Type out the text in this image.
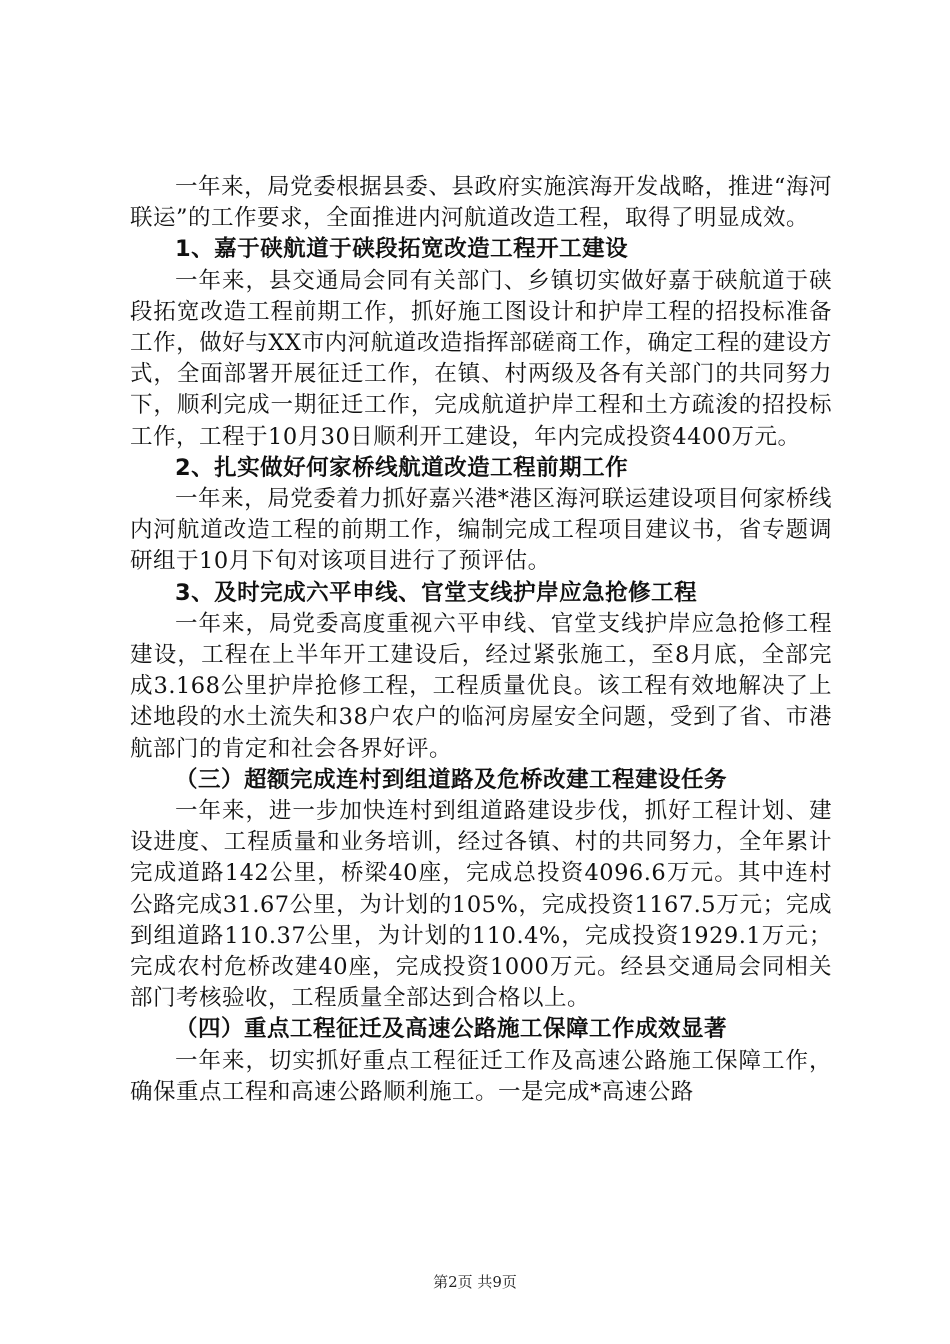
一年来，局党委根据县委、县政府实施滨海开发战略，推进“海河联运”的工作要求，全面推进内河航道改造工程，取得了明显成效。

1、嘉于硖航道于硖段拓宽改造工程开工建设

一年来，县交通局会同有关部门、乡镇切实做好嘉于硖航道于硖段拓宽改造工程前期工作，抓好施工图设计和护岸工程的招投标准备工作，做好与XX市内河航道改造指挥部磋商工作，确定工程的建设方式，全面部署开展征迁工作，在镇、村两级及各有关部门的共同努力下，顺利完成一期征迁工作，完成航道护岸工程和土方疏浚的招投标工作，工程于10月30日顺利开工建设，年内完成投资4400万元。

2、扎实做好何家桥线航道改造工程前期工作

一年来，局党委着力抓好嘉兴港*港区海河联运建设项目何家桥线内河航道改造工程的前期工作，编制完成工程项目建议书，省专题调研组于10月下旬对该项目进行了预评估。

3、及时完成六平申线、官堂支线护岸应急抢修工程

一年来，局党委高度重视六平申线、官堂支线护岸应急抢修工程建设，工程在上半年开工建设后，经过紧张施工，至8月底，全部完成3.168公里护岸抢修工程，工程质量优良。该工程有效地解决了上述地段的水土流失和38户农户的临河房屋安全问题，受到了省、市港航部门的肯定和社会各界好评。

（三）超额完成连村到组道路及危桥改建工程建设任务

一年来，进一步加快连村到组道路建设步伐，抓好工程计划、建设进度、工程质量和业务培训，经过各镇、村的共同努力，全年累计完成道路142公里，桥梁40座，完成总投资4096.6万元。其中连村公路完成31.67公里，为计划的105%，完成投资1167.5万元；完成到组道路110.37公里，为计划的110.4%，完成投资1929.1万元；完成农村危桥改建40座，完成投资1000万元。经县交通局会同相关部门考核验收，工程质量全部达到合格以上。

（四）重点工程征迁及高速公路施工保障工作成效显著

一年来，切实抓好重点工程征迁工作及高速公路施工保障工作，确保重点工程和高速公路顺利施工。一是完成*高速公路

第2页 共9页
